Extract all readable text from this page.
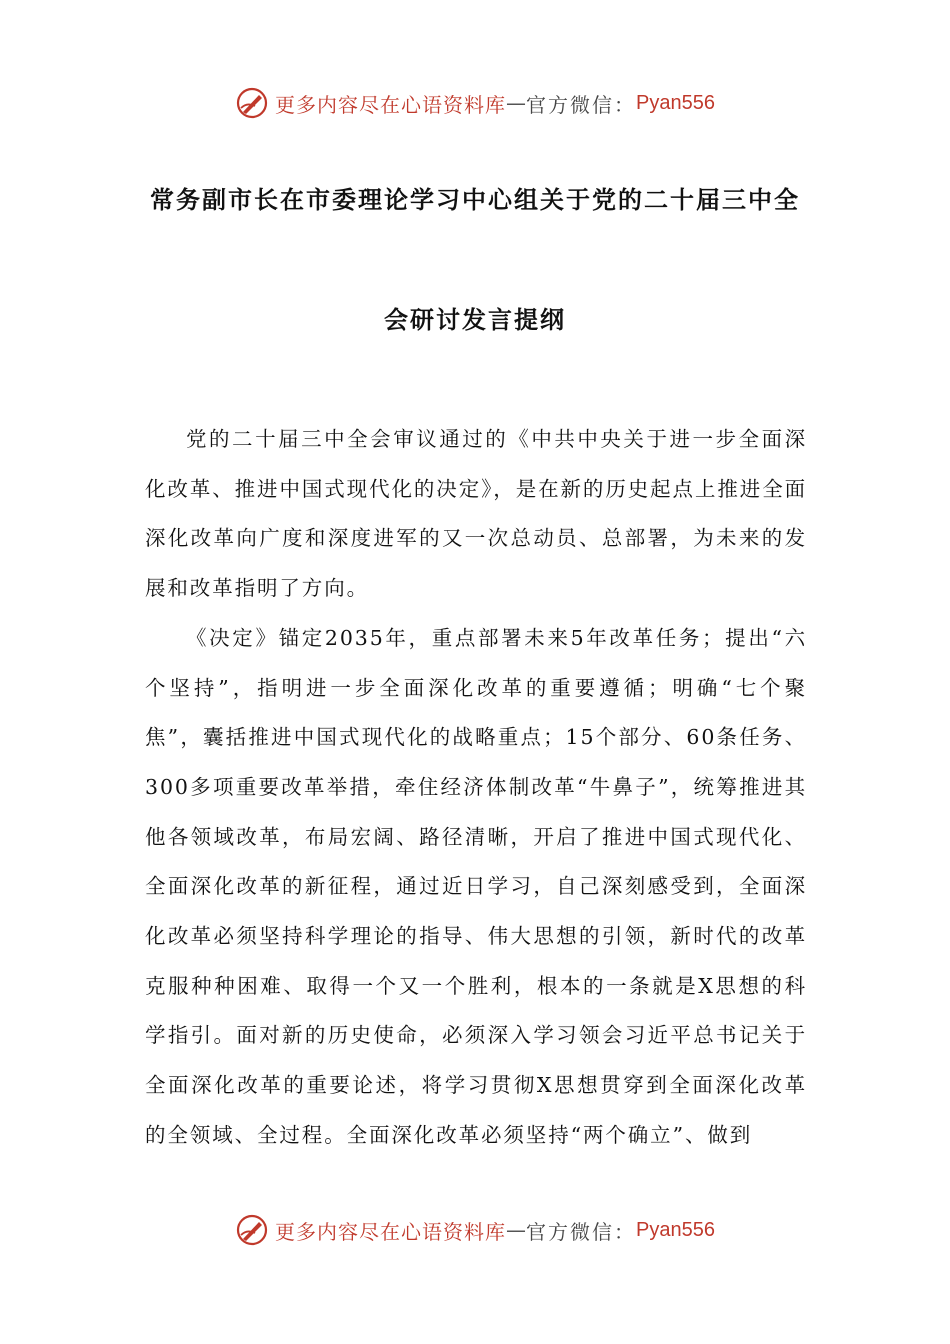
更多内容尽在心语资料库 — 官方微信： Pyan556
常务副市长在市委理论学习中心组关于党的二十届三中全
会研讨发言提纲

党的二十届三中全会审议通过的《中共中央关于进一步全面深化改革、推进中国式现代化的决定》，是在新的历史起点上推进全面深化改革向广度和深度进军的又一次总动员、总部署，为未来的发展和改革指明了方向。

《决定》锚定2035年，重点部署未来5年改革任务；提出“六个坚持”，指明进一步全面深化改革的重要遵循；明确“七个聚焦”，囊括推进中国式现代化的战略重点；15个部分、60条任务、300多项重要改革举措，牵住经济体制改革“牛鼻子”，统筹推进其他各领域改革，布局宏阔、路径清晰，开启了推进中国式现代化、全面深化改革的新征程，通过近日学习，自己深刻感受到，全面深化改革必须坚持科学理论的指导、伟大思想的引领，新时代的改革克服种种困难、取得一个又一个胜利，根本的一条就是X思想的科学指引。面对新的历史使命，必须深入学习领会习近平总书记关于全面深化改革的重要论述，将学习贯彻X思想贯穿到全面深化改革的全领域、全过程。全面深化改革必须坚持“两个确立”、做到

更多内容尽在心语资料库 — 官方微信： Pyan556
